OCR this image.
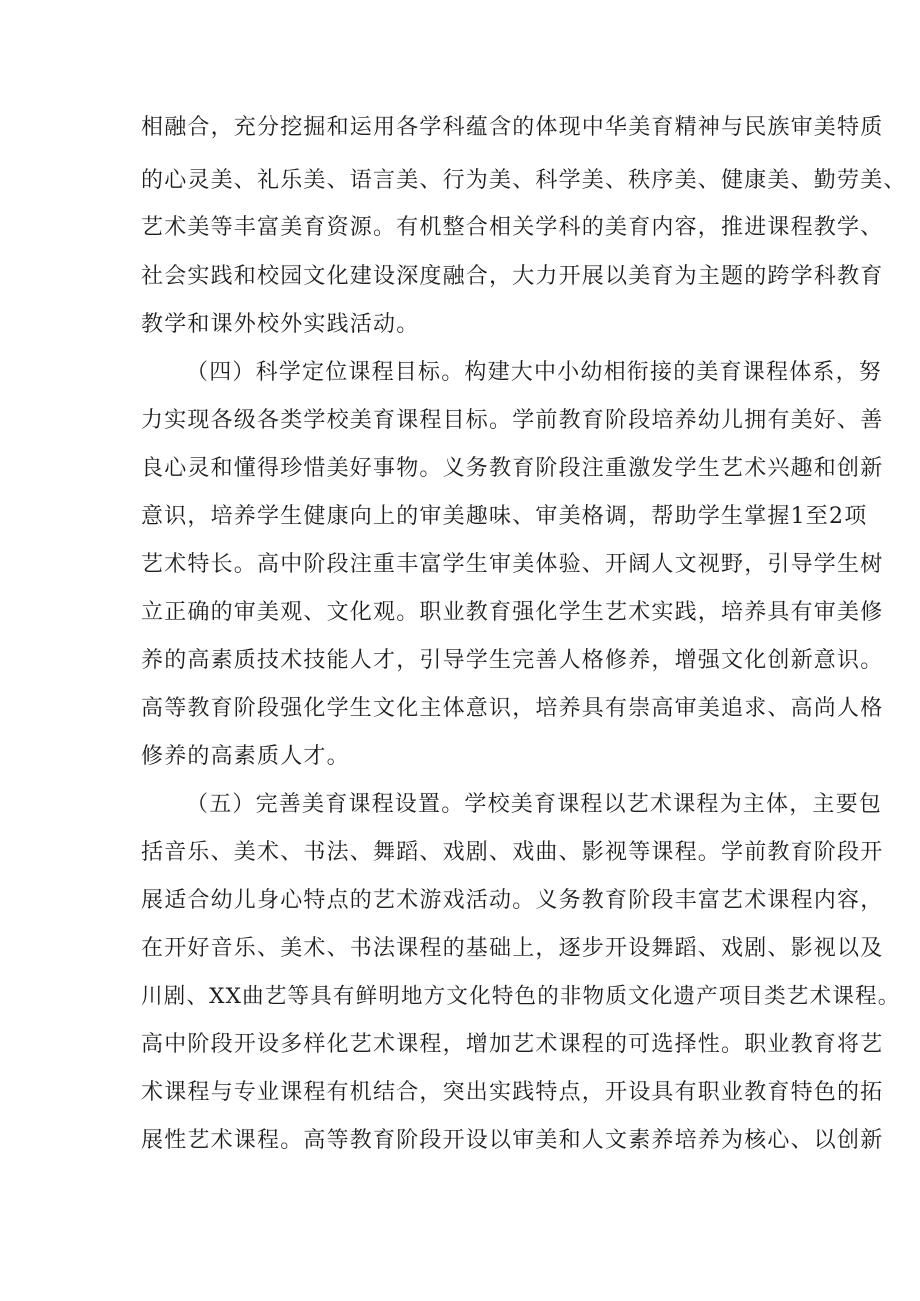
相融合，充分挖掘和运用各学科蕴含的体现中华美育精神与民族审美特质

的心灵美、礼乐美、语言美、行为美、科学美、秩序美、健康美、勤劳美、

艺术美等丰富美育资源。有机整合相关学科的美育内容，推进课程教学、

社会实践和校园文化建设深度融合，大力开展以美育为主题的跨学科教育

教学和课外校外实践活动。

（四）科学定位课程目标。构建大中小幼相衔接的美育课程体系，努

力实现各级各类学校美育课程目标。学前教育阶段培养幼儿拥有美好、善

良心灵和懂得珍惜美好事物。义务教育阶段注重激发学生艺术兴趣和创新

意识，培养学生健康向上的审美趣味、审美格调，帮助学生掌握1至2项

艺术特长。高中阶段注重丰富学生审美体验、开阔人文视野，引导学生树

立正确的审美观、文化观。职业教育强化学生艺术实践，培养具有审美修

养的高素质技术技能人才，引导学生完善人格修养，增强文化创新意识。

高等教育阶段强化学生文化主体意识，培养具有崇高审美追求、高尚人格

修养的高素质人才。

（五）完善美育课程设置。学校美育课程以艺术课程为主体，主要包

括音乐、美术、书法、舞蹈、戏剧、戏曲、影视等课程。学前教育阶段开

展适合幼儿身心特点的艺术游戏活动。义务教育阶段丰富艺术课程内容，

在开好音乐、美术、书法课程的基础上，逐步开设舞蹈、戏剧、影视以及

川剧、XX曲艺等具有鲜明地方文化特色的非物质文化遗产项目类艺术课程。

高中阶段开设多样化艺术课程，增加艺术课程的可选择性。职业教育将艺

术课程与专业课程有机结合，突出实践特点，开设具有职业教育特色的拓

展性艺术课程。高等教育阶段开设以审美和人文素养培养为核心、以创新
